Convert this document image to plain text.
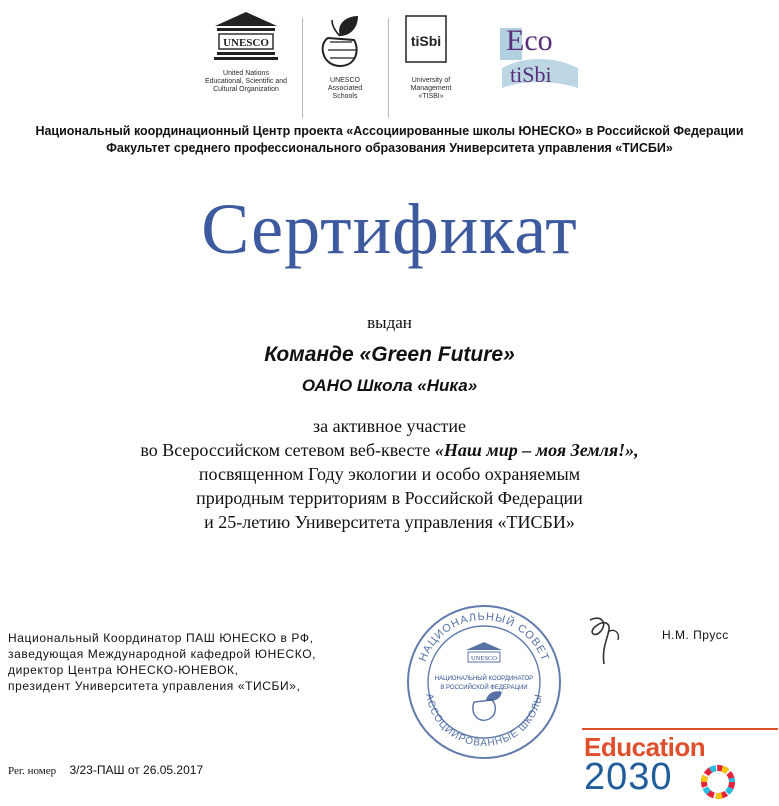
UNESCO
United Nations
Educational, Scientific and
Cultural Organization
UNESCO
Associated
Schools
tiSbi
University of
Management
«TISBI»
Eco
tiSbi
Национальный координационный Центр проекта «Ассоциированные школы ЮНЕСКО» в Российской Федерации
Факультет среднего профессионального образования Университета управления «ТИСБИ»
Сертификат
выдан
Команде «Green Future»
ОАНО Школа «Ника»
за активное участие
во Всероссийском сетевом веб-квесте «Наш мир – моя Земля!»,
посвященном Году экологии и особо охраняемым
природным территориям в Российской Федерации
и 25-летию Университета управления «ТИСБИ»
Национальный Координатор ПАШ ЮНЕСКО в РФ,
заведующая Международной кафедрой ЮНЕСКО,
директор Центра ЮНЕСКО-ЮНЕВОК,
президент Университета управления «ТИСБИ»,
НАЦИОНАЛЬНЫЙ СОВЕТ
АССОЦИИРОВАННЫЕ ШКОЛЫ
UNESCO
НАЦИОНАЛЬНЫЙ КООРДИНАТОР
В РОССИЙСКОЙ ФЕДЕРАЦИИ
Н.М. Прусс
Рег. номер 3/23-ПАШ от 26.05.2017
Education
2030
